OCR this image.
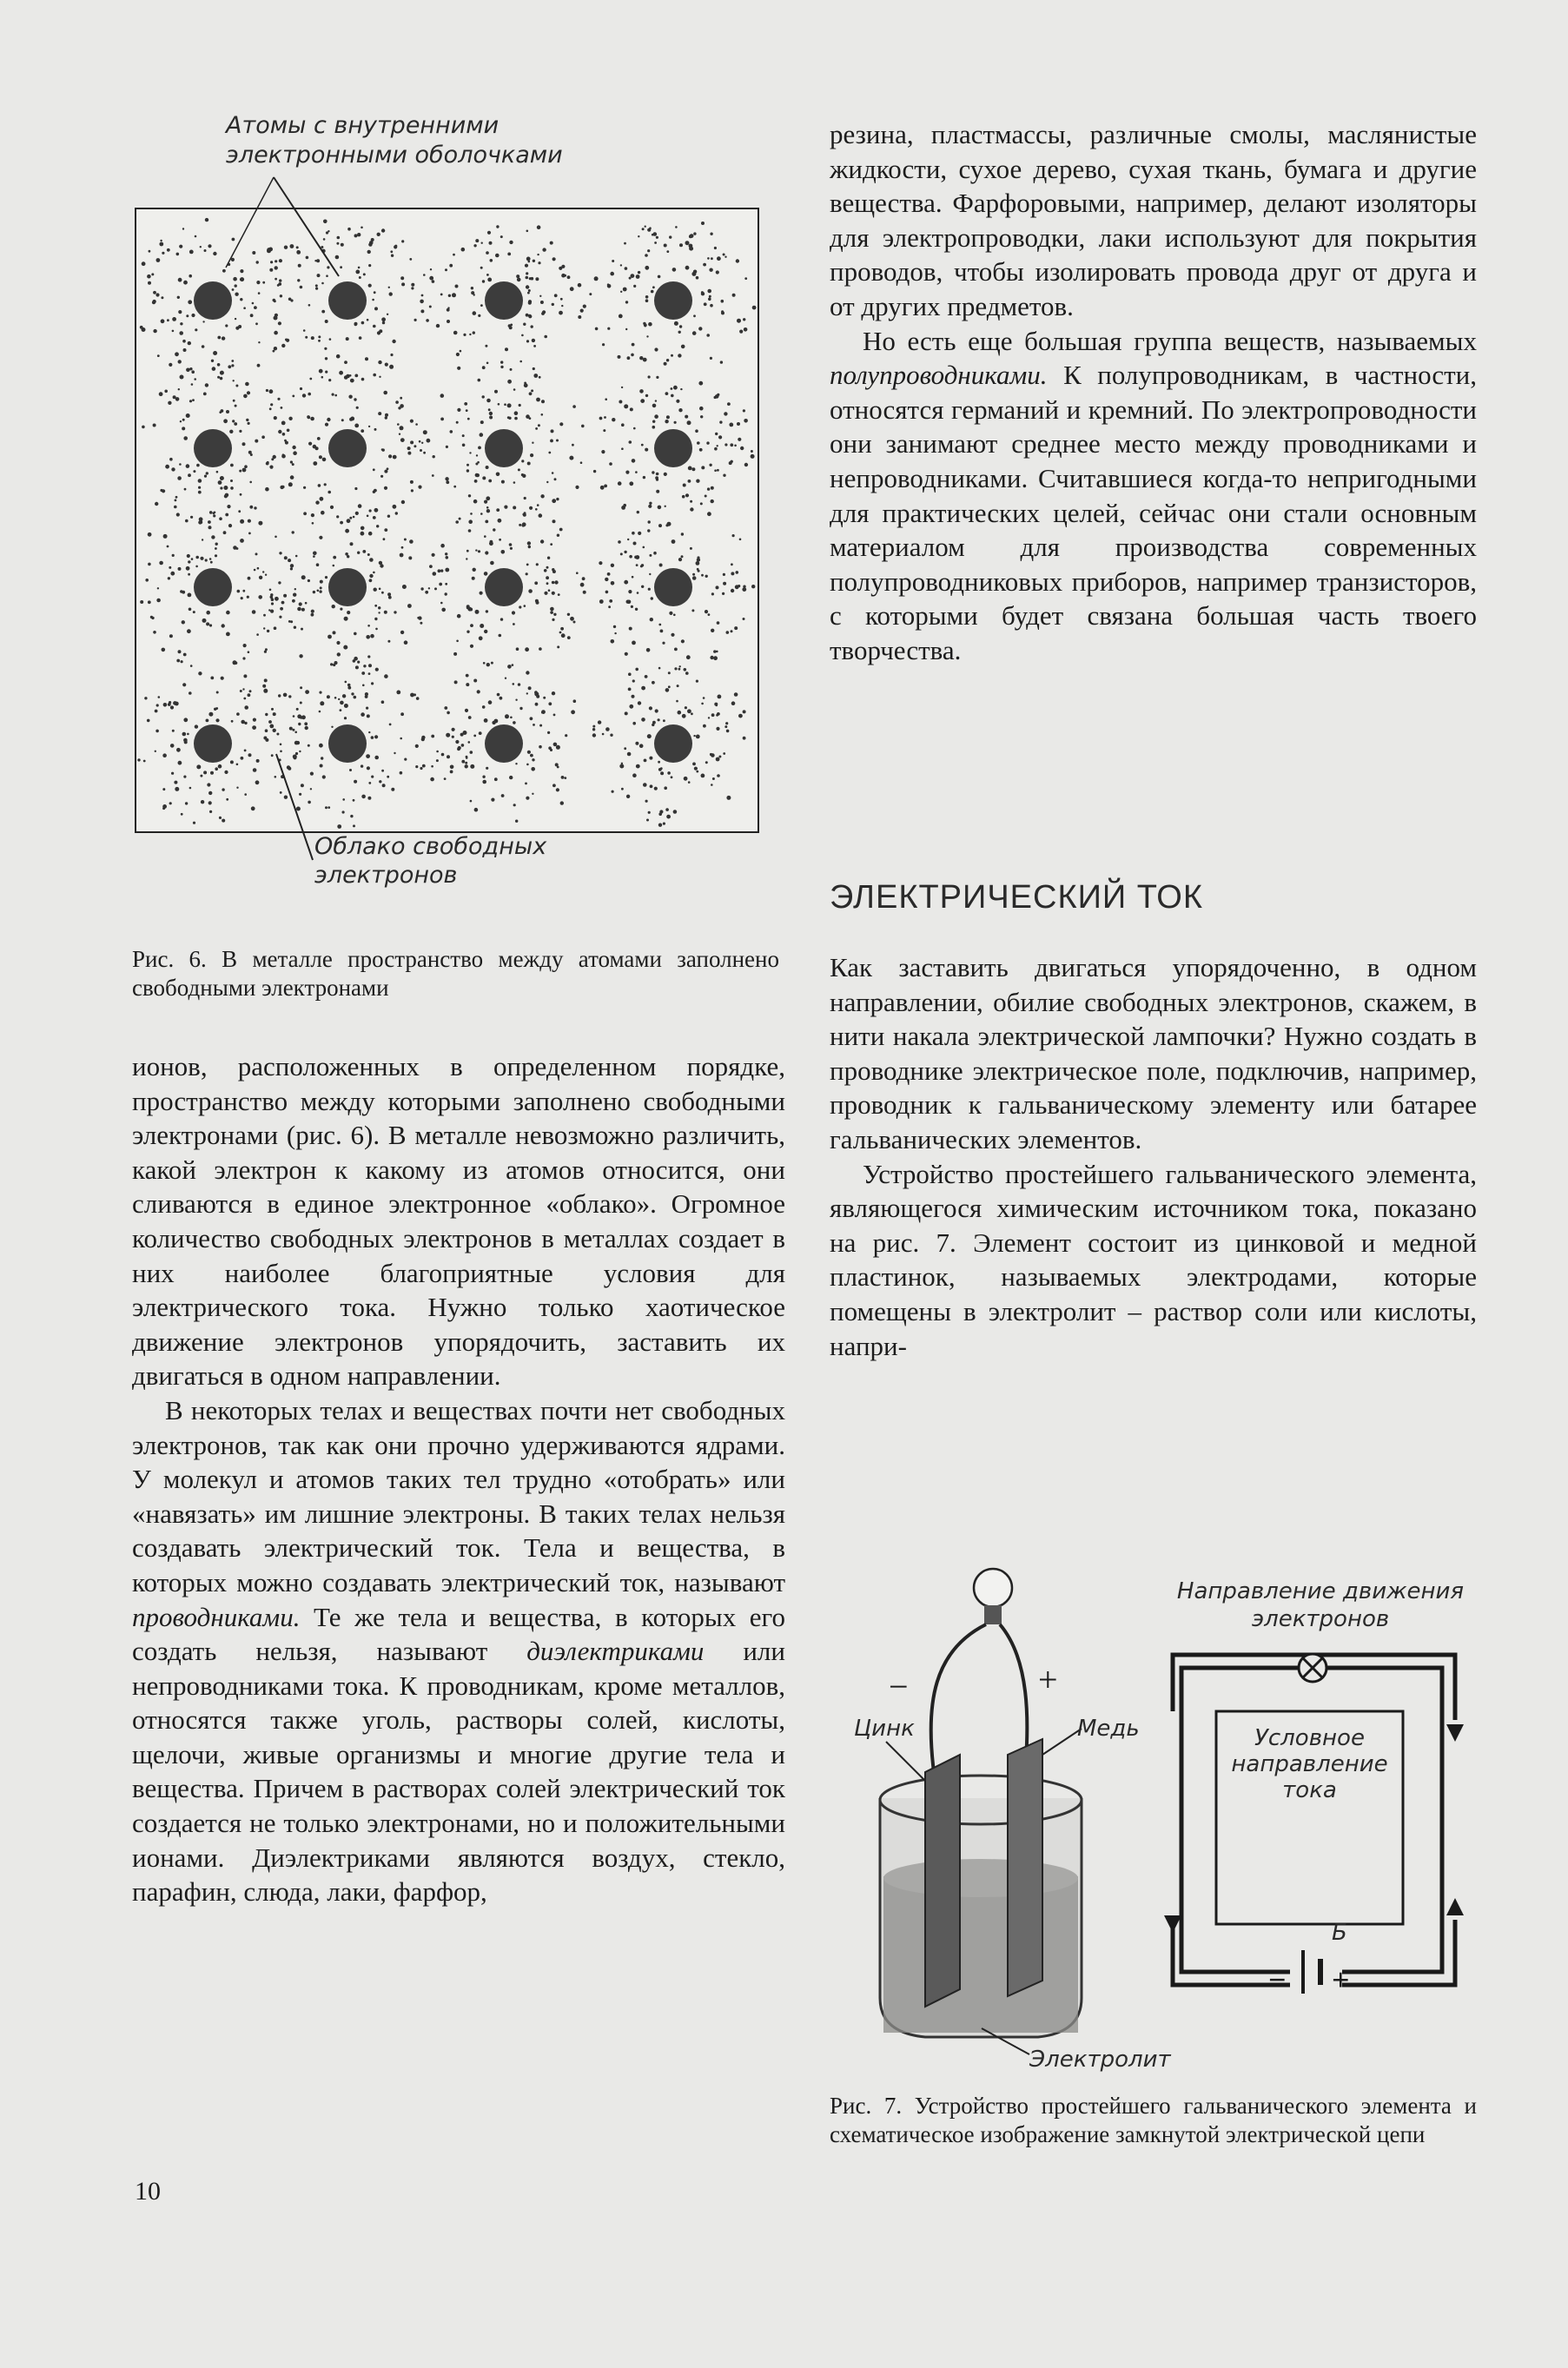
Атомы с внутренними электронными оболочками
Облако свободных электронов

Рис. 6. В металле пространство между атомами заполнено свободными электронами

ионов, расположенных в определенном порядке, пространство между которыми заполнено свободными электронами (рис. 6). В металле невозможно различить, какой электрон к какому из атомов относится, они сливаются в единое электронное «облако». Огромное количество свободных электронов в металлах создает в них наиболее благоприятные условия для электрического тока. Нужно только хаотическое движение электронов упорядочить, заставить их двигаться в одном направлении.

В некоторых телах и веществах почти нет свободных электронов, так как они прочно удерживаются ядрами. У молекул и атомов таких тел трудно «отобрать» или «навязать» им лишние электроны. В таких телах нельзя создавать электрический ток. Тела и вещества, в которых можно создавать электрический ток, называют проводниками. Те же тела и вещества, в которых его создать нельзя, называют диэлектриками или непроводниками тока. К проводникам, кроме металлов, относятся также уголь, растворы солей, кислоты, щелочи, живые организмы и многие другие тела и вещества. Причем в растворах солей электрический ток создается не только электронами, но и положительными ионами. Диэлектриками являются воздух, стекло, парафин, слюда, лаки, фарфор,

резина, пластмассы, различные смолы, маслянистые жидкости, сухое дерево, сухая ткань, бумага и другие вещества. Фарфоровыми, например, делают изоляторы для электропроводки, лаки используют для покрытия проводов, чтобы изолировать провода друг от друга и от других предметов.

Но есть еще большая группа веществ, называемых полупроводниками. К полупроводникам, в частности, относятся германий и кремний. По электропроводности они занимают среднее место между проводниками и непроводниками. Считавшиеся когда-то непригодными для практических целей, сейчас они стали основным материалом для производства современных полупроводниковых приборов, например транзисторов, с которыми будет связана большая часть твоего творчества.

ЭЛЕКТРИЧЕСКИЙ ТОК

Как заставить двигаться упорядоченно, в одном направлении, обилие свободных электронов, скажем, в нити накала электрической лампочки? Нужно создать в проводнике электрическое поле, подключив, например, проводник к гальваническому элементу или батарее гальванических элементов.

Устройство простейшего гальванического элемента, являющегося химическим источником тока, показано на рис. 7. Элемент состоит из цинковой и медной пластинок, называемых электродами, которые помещены в электролит – раствор соли или кислоты, напри-

−	+
Цинк	Медь
Электролит
Направление движения электронов
Условное направление тока
Б
− +

Рис. 7. Устройство простейшего гальванического элемента и схематическое изображение замкнутой электрической цепи

10
